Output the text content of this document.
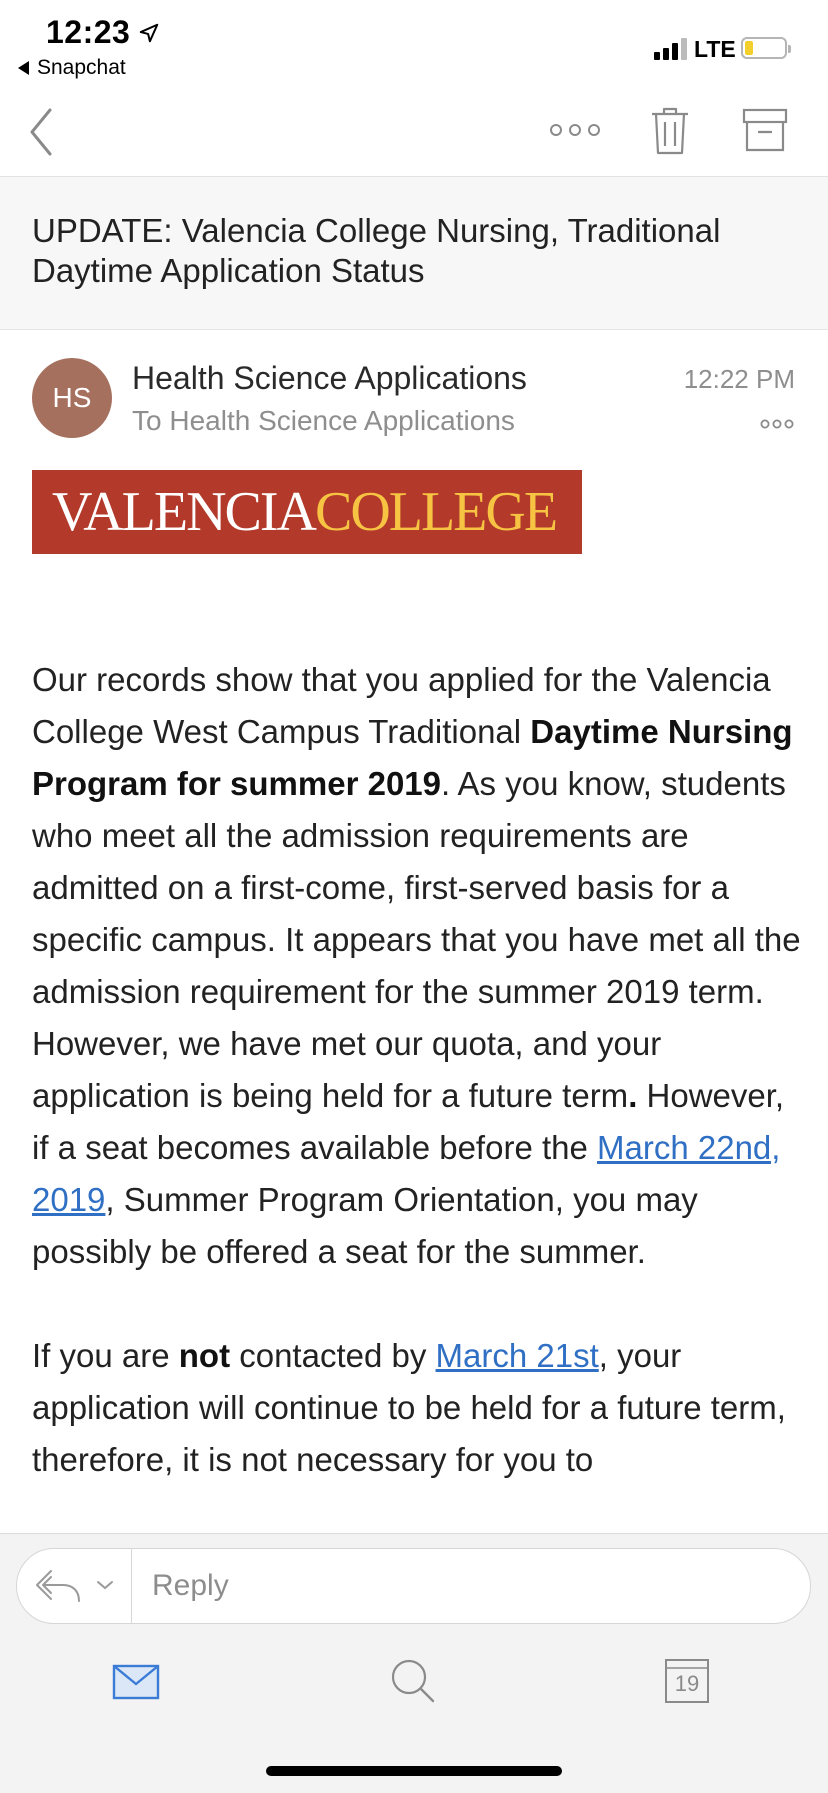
12:23
Snapchat
LTE
UPDATE: Valencia College Nursing, Traditional Daytime Application Status
HS
Health Science Applications
To Health Science Applications
12:22 PM
VALENCIA COLLEGE

Our records show that you applied for the Valencia College West Campus Traditional Daytime Nursing Program for summer 2019. As you know, students who meet all the admission requirements are admitted on a first-come, first-served basis for a specific campus. It appears that you have met all the admission requirement for the summer 2019 term. However, we have met our quota, and your application is being held for a future term. However, if a seat becomes available before the March 22nd, 2019, Summer Program Orientation, you may possibly be offered a seat for the summer.

If you are not contacted by March 21st, your application will continue to be held for a future term, therefore, it is not necessary for you to

Reply
19
